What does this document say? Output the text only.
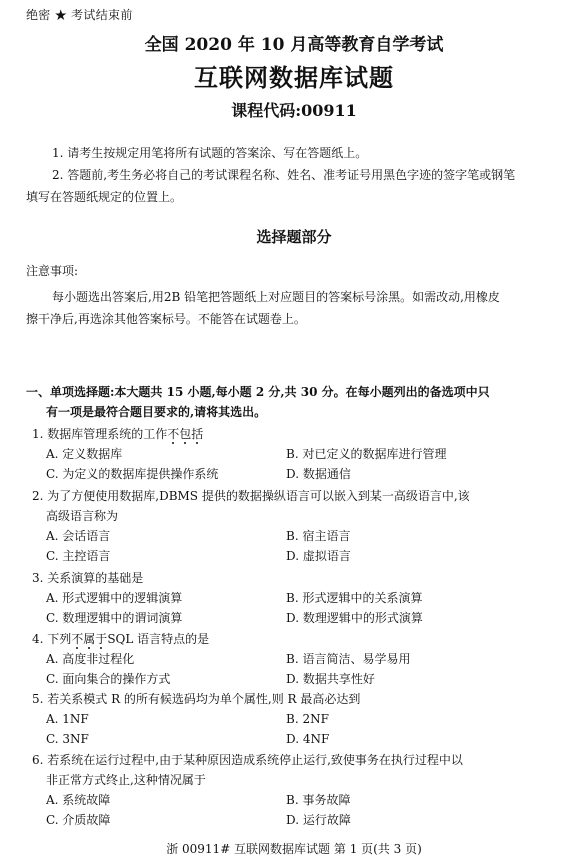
绝密 ★ 考试结束前
全国 2020 年 10 月高等教育自学考试
互联网数据库试题
课程代码:00911
1. 请考生按规定用笔将所有试题的答案涂、写在答题纸上。
2. 答题前,考生务必将自己的考试课程名称、姓名、准考证号用黑色字迹的签字笔或钢笔
填写在答题纸规定的位置上。
选择题部分
注意事项:
每小题选出答案后,用2B 铅笔把答题纸上对应题目的答案标号涂黑。如需改动,用橡皮
擦干净后,再选涂其他答案标号。不能答在试题卷上。
一、单项选择题:本大题共 15 小题,每小题 2 分,共 30 分。在每小题列出的备选项中只
有一项是最符合题目要求的,请将其选出。
1. 数据库管理系统的工作不包括
A. 定义数据库	B. 对已定义的数据库进行管理
C. 为定义的数据库提供操作系统	D. 数据通信
2. 为了方便使用数据库,DBMS 提供的数据操纵语言可以嵌入到某一高级语言中,该
高级语言称为
A. 会话语言	B. 宿主语言
C. 主控语言	D. 虚拟语言
3. 关系演算的基础是
A. 形式逻辑中的逻辑演算	B. 形式逻辑中的关系演算
C. 数理逻辑中的谓词演算	D. 数理逻辑中的形式演算
4. 下列不属于SQL 语言特点的是
A. 高度非过程化	B. 语言简洁、易学易用
C. 面向集合的操作方式	D. 数据共享性好
5. 若关系模式 R 的所有候选码均为单个属性,则 R 最高必达到
A. 1NF	B. 2NF
C. 3NF	D. 4NF
6. 若系统在运行过程中,由于某种原因造成系统停止运行,致使事务在执行过程中以
非正常方式终止,这种情况属于
A. 系统故障	B. 事务故障
C. 介质故障	D. 运行故障
浙 00911# 互联网数据库试题 第 1 页(共 3 页)
